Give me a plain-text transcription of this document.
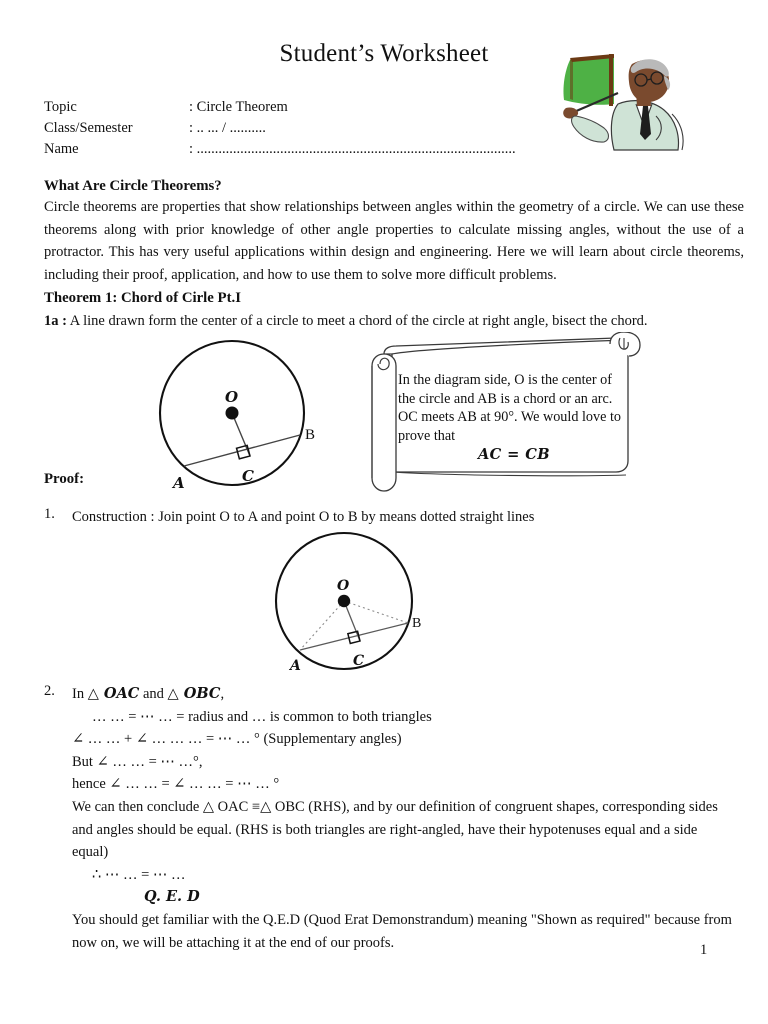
Student’s Worksheet
Topic	: Circle Theorem
Class/Semester	: .. ... / ..........
Name	: ........................................................................................
What Are Circle Theorems?
Circle theorems are properties that show relationships between angles within the geometry of a circle. We can use these theorems along with prior knowledge of other angle properties to calculate missing angles, without the use of a protractor. This has very useful applications within design and engineering. Here we will learn about circle theorems, including their proof, application, and how to use them to solve more difficult problems.
Theorem 1: Chord of Cirle Pt.I
1a : A line drawn form the center of a circle to meet a chord of the circle at right angle, bisect the chord.
O
C
A
B
In the diagram side, O is the center of the circle and AB is a chord or an arc. OC meets AB at 90°. We would love to prove that
AC = CB
Proof:
1. Construction : Join point O to A and point O to B by means dotted straight lines
O
C
A
B
2. In △ OAC and △ OBC,
… … = ⋯ … = radius and … is common to both triangles
∠ … … + ∠ … … … = ⋯ … ° (Supplementary angles)
But ∠ … … = ⋯ …°,
hence ∠ … … = ∠ … … = ⋯ … °
We can then conclude △ OAC ≡△ OBC (RHS), and by our definition of congruent shapes, corresponding sides and angles should be equal. (RHS is both triangles are right-angled, have their hypotenuses equal and a side equal)
∴ ⋯ … = ⋯ …
Q. E. D
You should get familiar with the Q.E.D (Quod Erat Demonstrandum) meaning "Shown as required" because from now on, we will be attaching it at the end of our proofs.	1
